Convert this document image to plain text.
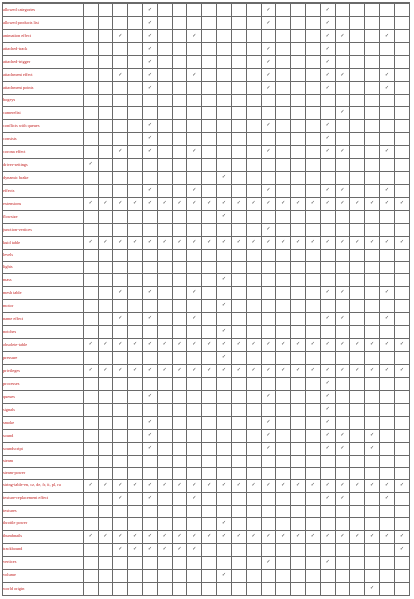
allowed categories					✓								✓				✓					
allowed products list					✓								✓				✓					
animation effect			✓		✓			✓									✓	✓			✓	
attached-track					✓								✓				✓					
attached-trigger					✓								✓				✓					
attachment effect			✓		✓			✓					✓				✓	✓			✓	
attachment points					✓								✓				✓				✓	
bogeys																						
camerelist																		✓				
conflicts with queues					✓								✓				✓					
consists					✓												✓					
corona effect			✓		✓			✓					✓				✓	✓			✓	
driver-settings	✓																					
dynamic brake										✓												
effects					✓			✓					✓				✓	✓			✓	
extensions	✓	✓	✓	✓	✓	✓	✓	✓	✓	✓	✓	✓	✓	✓	✓	✓	✓	✓	✓	✓	✓	✓
flowsize										✓												
junction-vertices													✓									
kuid table	✓	✓	✓	✓	✓	✓	✓	✓	✓	✓	✓	✓	✓	✓	✓	✓	✓	✓	✓	✓	✓	✓
levels																						
lights																						
mass										✓												
mesh table			✓		✓			✓									✓	✓			✓	
motor										✓												
name effect			✓		✓			✓									✓	✓			✓	
notches										✓												
obsolete-table	✓	✓	✓	✓	✓	✓	✓	✓	✓	✓	✓	✓	✓	✓	✓	✓	✓	✓	✓	✓	✓	✓
pressure										✓												
privileges	✓	✓	✓	✓	✓	✓	✓	✓	✓	✓	✓	✓	✓	✓	✓	✓	✓	✓	✓	✓	✓	✓
processes																	✓					
queues					✓								✓				✓					
signals																	✓					
smoke					✓								✓				✓					
sound					✓								✓				✓	✓		✓		
soundscript					✓								✓				✓	✓		✓		
steam																						
steam-power																						
string-table-en, cz, de, fr, it, pl, ru	✓	✓	✓	✓	✓	✓	✓	✓	✓	✓	✓	✓	✓	✓	✓	✓	✓	✓	✓	✓	✓	✓
texture-replacement effect			✓		✓			✓									✓	✓			✓	
textures																						
throttle power										✓												
thumbnails	✓	✓	✓	✓	✓	✓	✓	✓	✓	✓	✓	✓	✓	✓	✓	✓	✓	✓	✓	✓	✓	✓
trackbound			✓	✓	✓	✓	✓	✓														✓
vertices													✓				✓					
volume										✓												
world origin																				✓		
